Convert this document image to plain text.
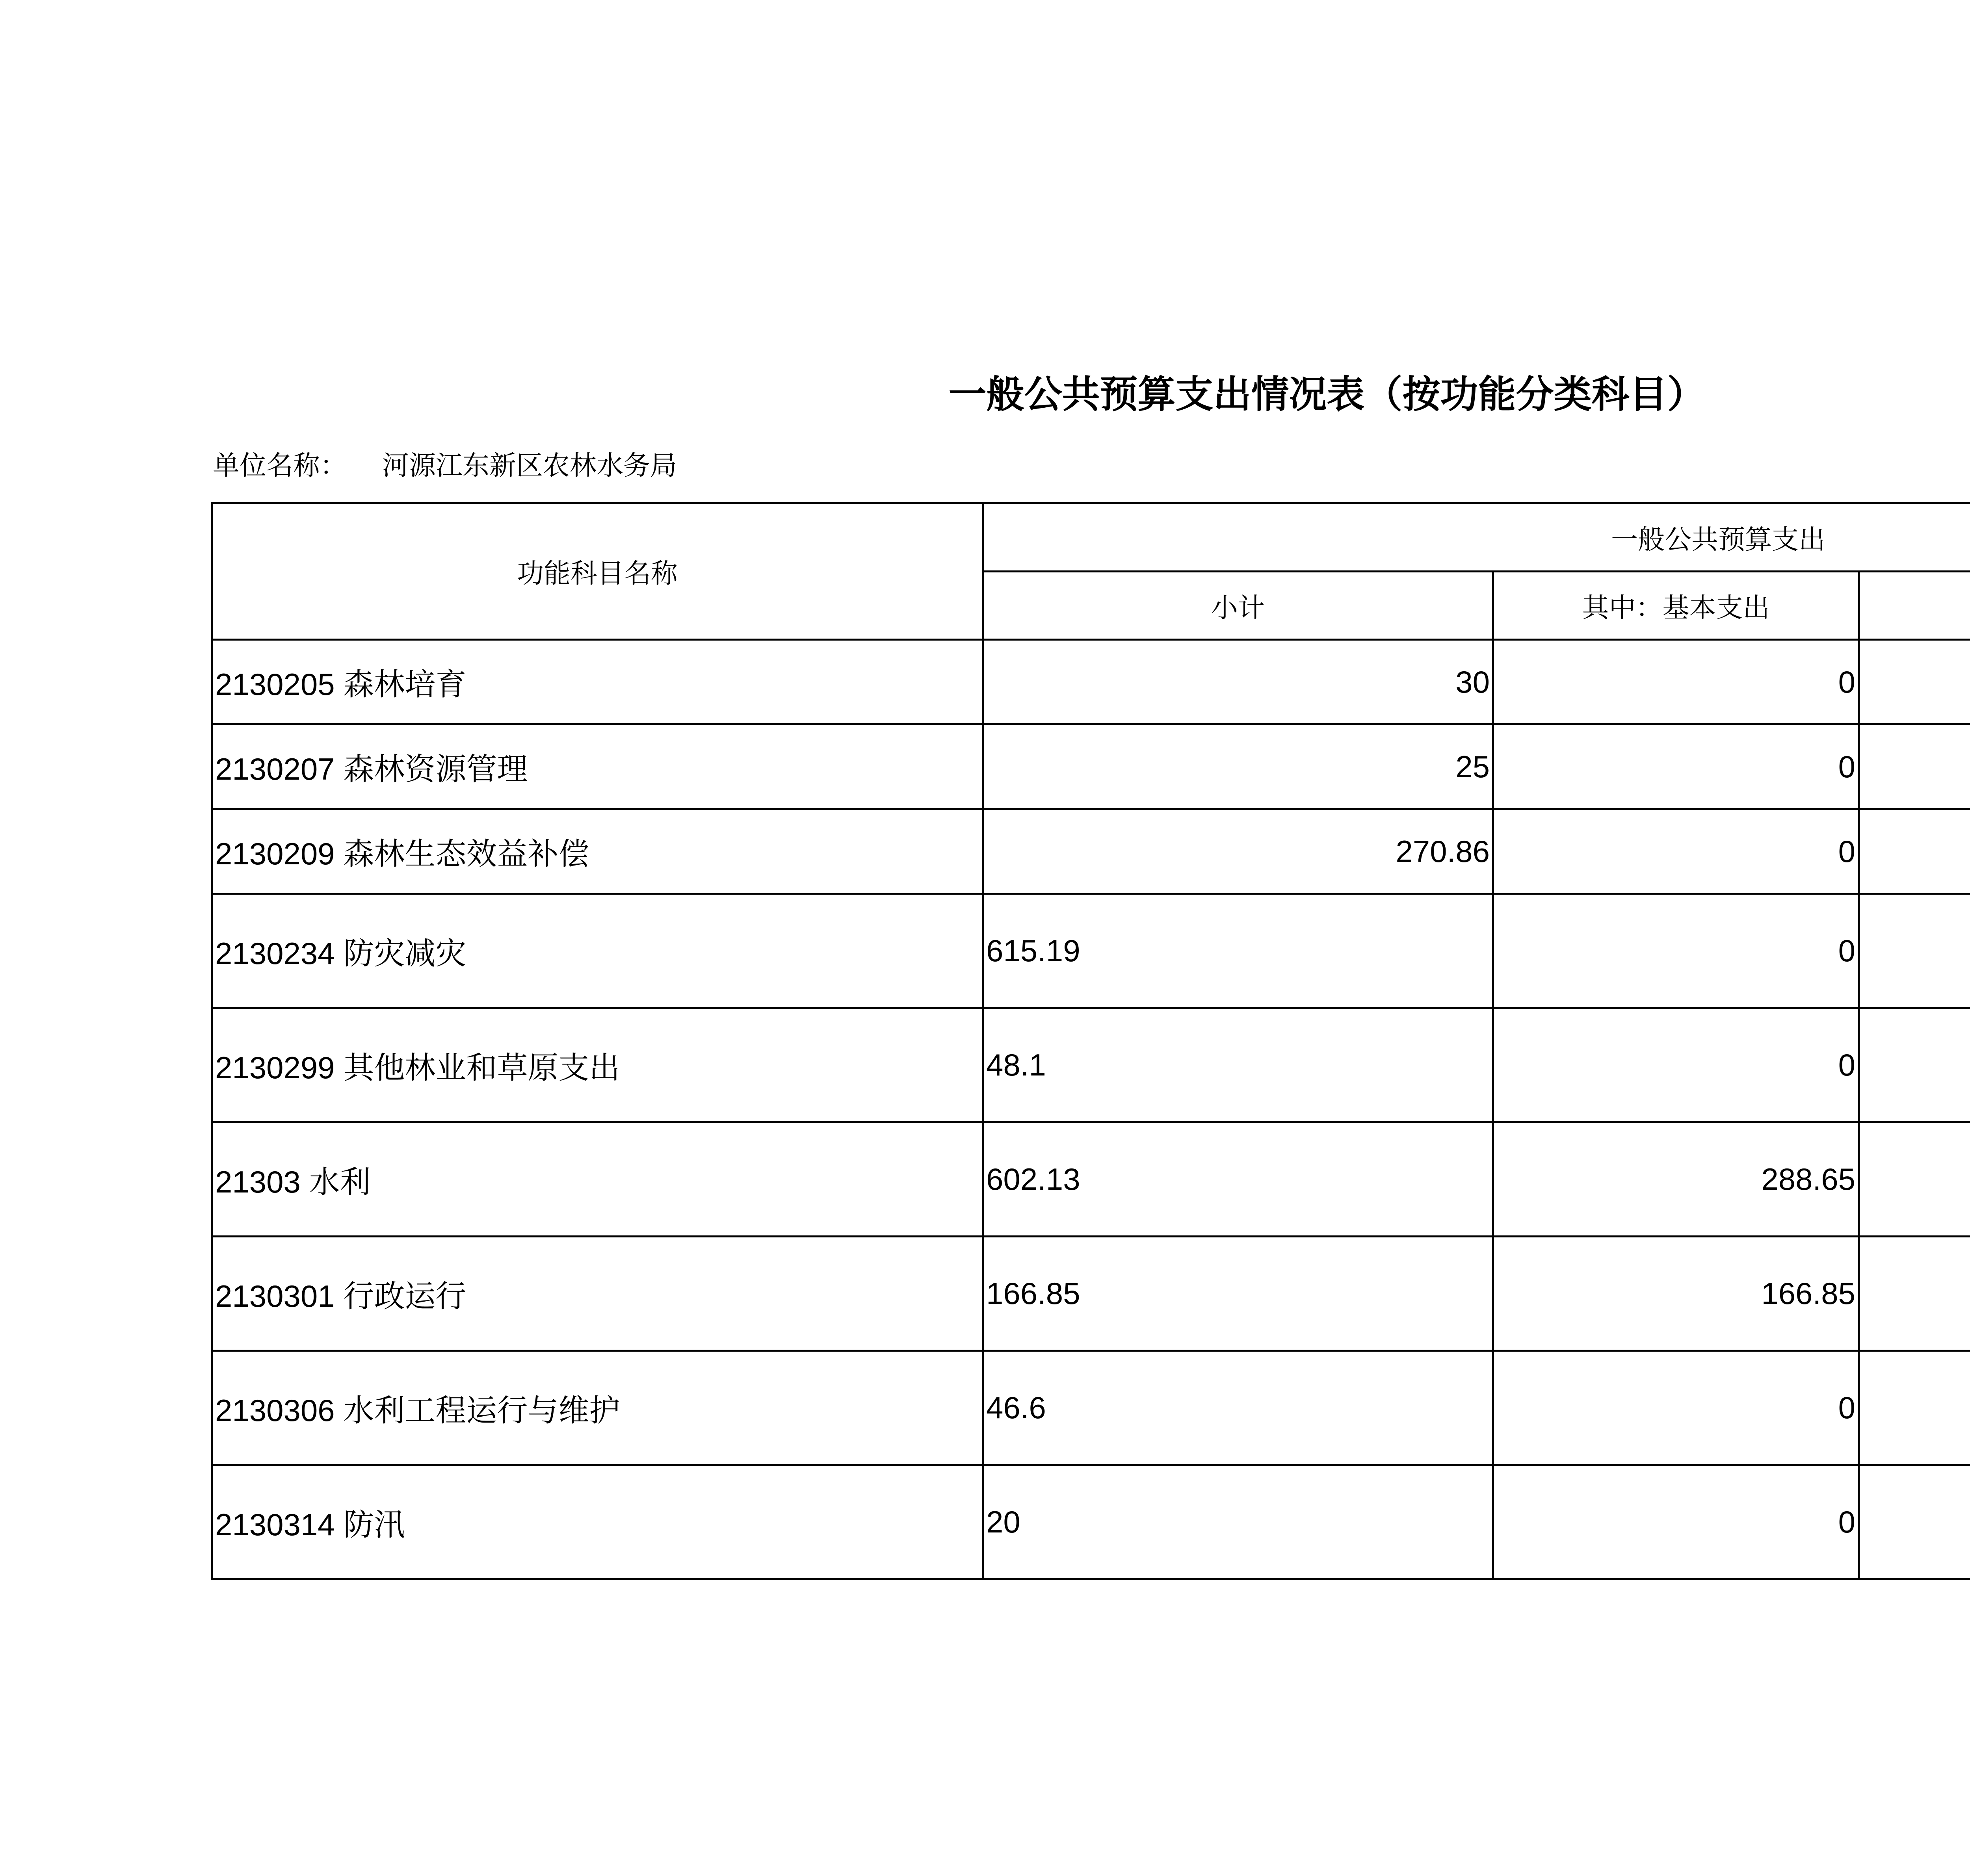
一般公共预算支出情况表（按功能分类科目）
单位名称： 河源江东新区农林水务局
功能科目名称	一般公共预算支出		
	小计	其中：基本支出	
2130205 森林培育	30	0	
2130207 森林资源管理	25	0	
2130209 森林生态效益补偿	270.86	0	
2130234 防灾减灾	615.19	0	
2130299 其他林业和草原支出	48.1	0	
21303 水利	602.13	288.65	
2130301 行政运行	166.85	166.85	
2130306 水利工程运行与维护	46.6	0	
2130314 防汛	20	0	
